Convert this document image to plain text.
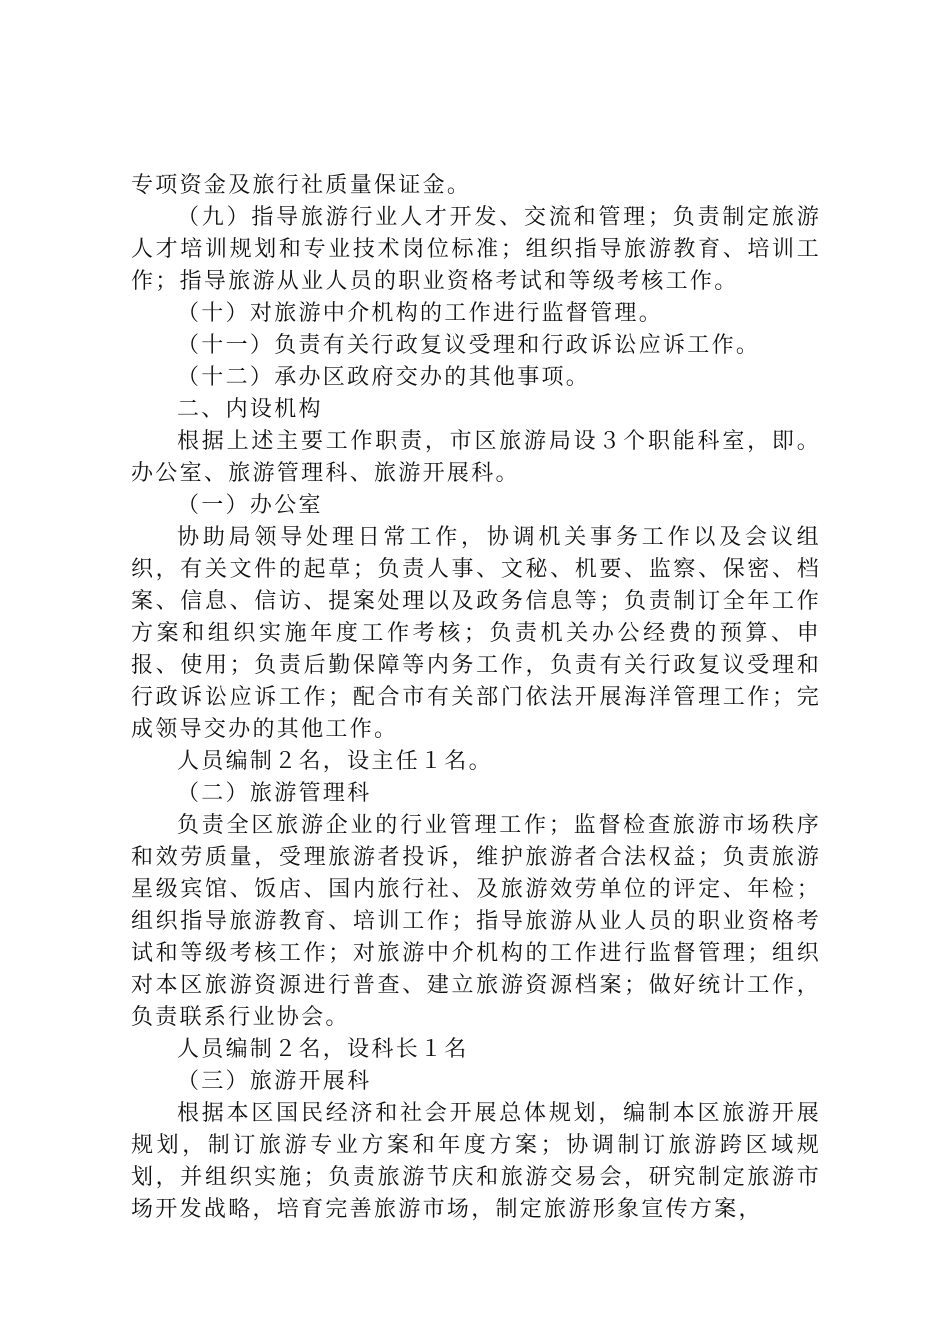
专项资金及旅行社质量保证金。

（九）指导旅游行业人才开发、交流和管理；负责制定旅游人才培训规划和专业技术岗位标准；组织指导旅游教育、培训工作；指导旅游从业人员的职业资格考试和等级考核工作。

（十）对旅游中介机构的工作进行监督管理。

（十一）负责有关行政复议受理和行政诉讼应诉工作。

（十二）承办区政府交办的其他事项。

二、内设机构

根据上述主要工作职责，市区旅游局设３个职能科室，即。办公室、旅游管理科、旅游开展科。

（一）办公室

协助局领导处理日常工作，协调机关事务工作以及会议组织，有关文件的起草；负责人事、文秘、机要、监察、保密、档案、信息、信访、提案处理以及政务信息等；负责制订全年工作方案和组织实施年度工作考核；负责机关办公经费的预算、申报、使用；负责后勤保障等内务工作，负责有关行政复议受理和行政诉讼应诉工作；配合市有关部门依法开展海洋管理工作；完成领导交办的其他工作。

人员编制２名，设主任１名。

（二）旅游管理科

负责全区旅游企业的行业管理工作；监督检查旅游市场秩序和效劳质量，受理旅游者投诉，维护旅游者合法权益；负责旅游星级宾馆、饭店、国内旅行社、及旅游效劳单位的评定、年检；组织指导旅游教育、培训工作；指导旅游从业人员的职业资格考试和等级考核工作；对旅游中介机构的工作进行监督管理；组织对本区旅游资源进行普查、建立旅游资源档案；做好统计工作，负责联系行业协会。

人员编制２名，设科长１名

（三）旅游开展科

根据本区国民经济和社会开展总体规划，编制本区旅游开展规划，制订旅游专业方案和年度方案；协调制订旅游跨区域规划，并组织实施；负责旅游节庆和旅游交易会，研究制定旅游市场开发战略，培育完善旅游市场，制定旅游形象宣传方案，
